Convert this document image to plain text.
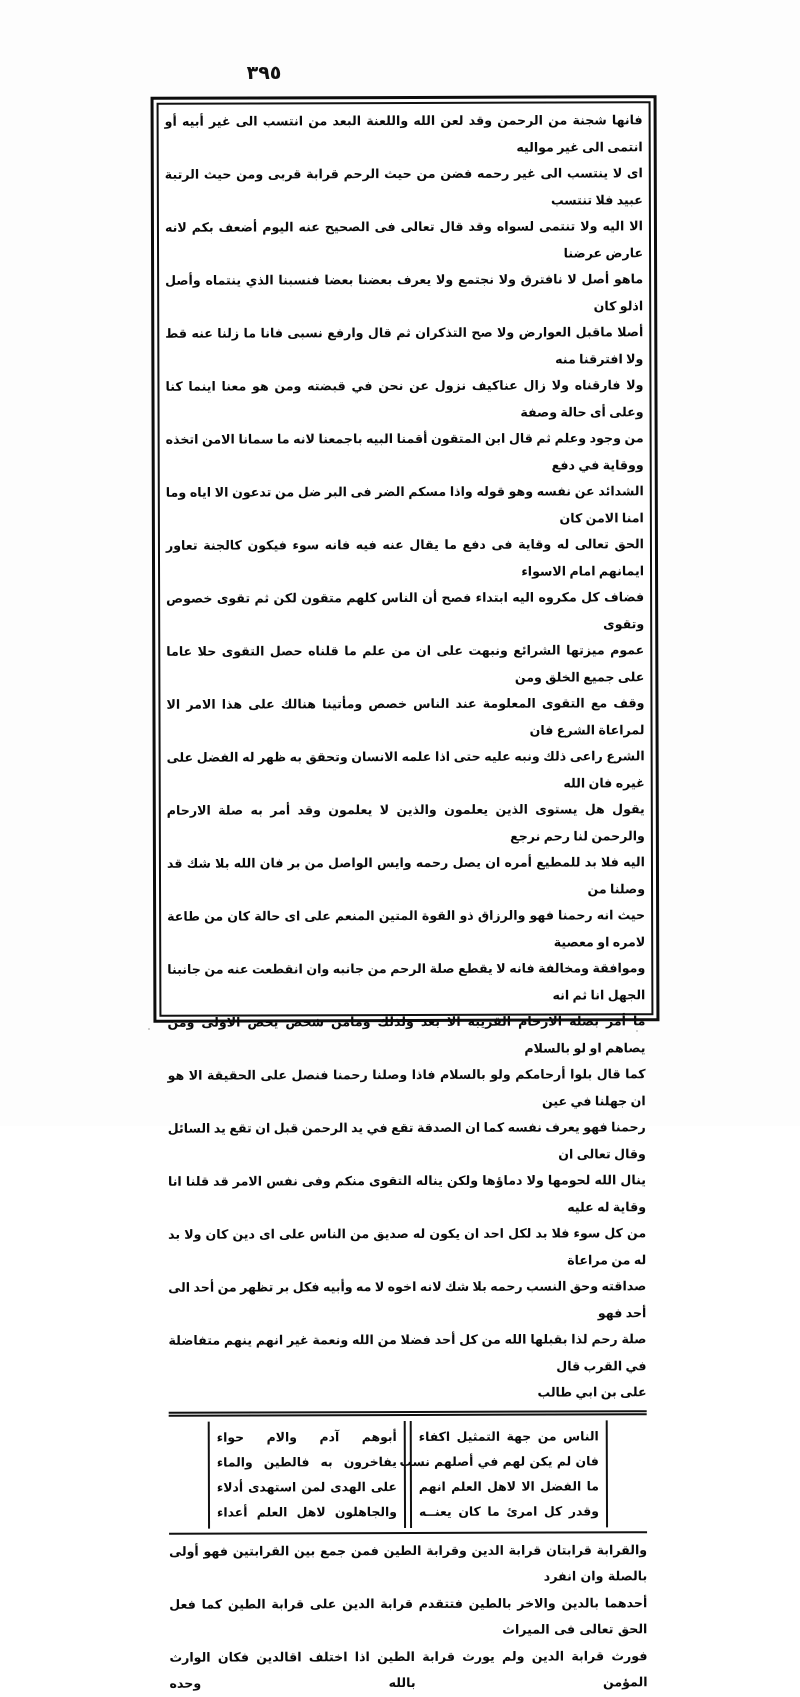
٣٩٥

فانها شجنة من الرحمن وقد لعن الله واللعنة البعد من انتسب الى غير أبيه أو انتمى الى غير مواليه

اى لا ينتسب الى غير رحمه فضن من حيث الرحم قرابة قربى ومن حيث الرتبة عبيد فلا تنتسب

الا اليه ولا تنتمى لسواه وقد قال تعالى فى الصحيح عنه اليوم أضعف بكم لانه عارض عرضنا

ماهو أصل لا نافترق ولا نجتمع ولا يعرف بعضنا بعضا فنسبنا الذي ينتماه وأصل اذلو كان

أصلا ماقبل العوارض ولا صح التذكران ثم قال وارفع نسبى فانا ما زلنا عنه قط ولا افترقنا منه

ولا فارقناه ولا زال عناكيف نزول عن نحن في قبضته ومن هو معنا اينما كنا وعلى أى حالة وصفة

من وجود وعلم ثم قال ابن المتقون أقمنا البيه باجمعنا لانه ما سمانا الامن اتخذه ووقاية في دفع

الشدائد عن نفسه وهو قوله واذا مسكم الضر فى البر ضل من تدعون الا اياه وما امنا الامن كان

الحق تعالى له وقاية فى دفع ما يقال عنه فيه فانه سوء فيكون كالجنة تعاور ايمانهم امام الاسواء

فضاف كل مكروه اليه ابتداء فصح أن الناس كلهم متقون لكن ثم تقوى خصوص وتقوى

عموم ميزتها الشرائع ونبهت على ان من علم ما قلناه حصل التقوى حلا عاما على جميع الخلق ومن

وقف مع التقوى المعلومة عند الناس خصص ومأتينا هنالك على هذا الامر الا لمراعاة الشرع فان

الشرع راعى ذلك ونبه عليه حتى اذا علمه الانسان وتحقق به ظهر له الفضل على غيره فان الله

يقول هل يستوى الذين يعلمون والذين لا يعلمون وقد أمر به صلة الارحام والرحمن لنا رحم نرجع

اليه فلا بد للمطيع أمره ان يصل رحمه وايس الواصل من بر فان الله بلا شك قد وصلنا من

حيث انه رحمنا فهو والرزاق ذو القوة المتين المنعم على اى حالة كان من طاعة لامره او معصية

وموافقة ومخالفة فانه لا يقطع صلة الرحم من جانبه وان انقطعت عنه من جانبنا الجهل انا ثم انه

ما أمر بصلة الارحام القريبة الا بعد ولذلك ومامن شخص يخص الاولى ومن يصاهم او لو بالسلام

كما قال بلوا أرحامكم ولو بالسلام فاذا وصلنا رحمنا فنصل على الحقيقة الا هو ان جهلنا في عين

رحمنا فهو يعرف نفسه كما ان الصدقة تقع في يد الرحمن قبل ان تقع يد السائل وقال تعالى ان

ينال الله لحومها ولا دماؤها ولكن يناله التقوى منكم وفى نفس الامر قد قلنا انا وقاية له عليه

من كل سوء فلا بد لكل احد ان يكون له صديق من الناس على اى دين كان ولا بد له من مراعاة

صداقته وحق النسب رحمه بلا شك لانه اخوه لا مه وأبيه فكل بر تظهر من أحد الى أحد فهو

صلة رحم لذا بقبلها الله من كل أحد فضلا من الله ونعمة غير انهم ينهم متفاضلة في القرب قال

على بن ابي طالب

الناس من جهة التمثيل اكفاء
فان لم يكن لهم في أصلهم نسب
ما الفضل الا لاهل العلم انهم
وقدر كل امرئ ما كان يعنــه
أبوهم آدم والام حواء
يفاخرون به فالطين والماء
على الهدى لمن استهدى أدلاء
والجاهلون لاهل العلم أعداء

والقرابة قرابتان قرابة الدين وقرابة الطين فمن جمع بين القرابتين فهو أولى بالصلة وان انفرد

أحدهما بالدين والاخر بالطين فتتقدم قرابة الدين على قرابة الطين كما فعل الحق تعالى فى الميراث

فورث قرابة الدين ولم يورث قرابة الطين اذا اختلف اقالدين فكان الوارث المؤمن بالله وحده
